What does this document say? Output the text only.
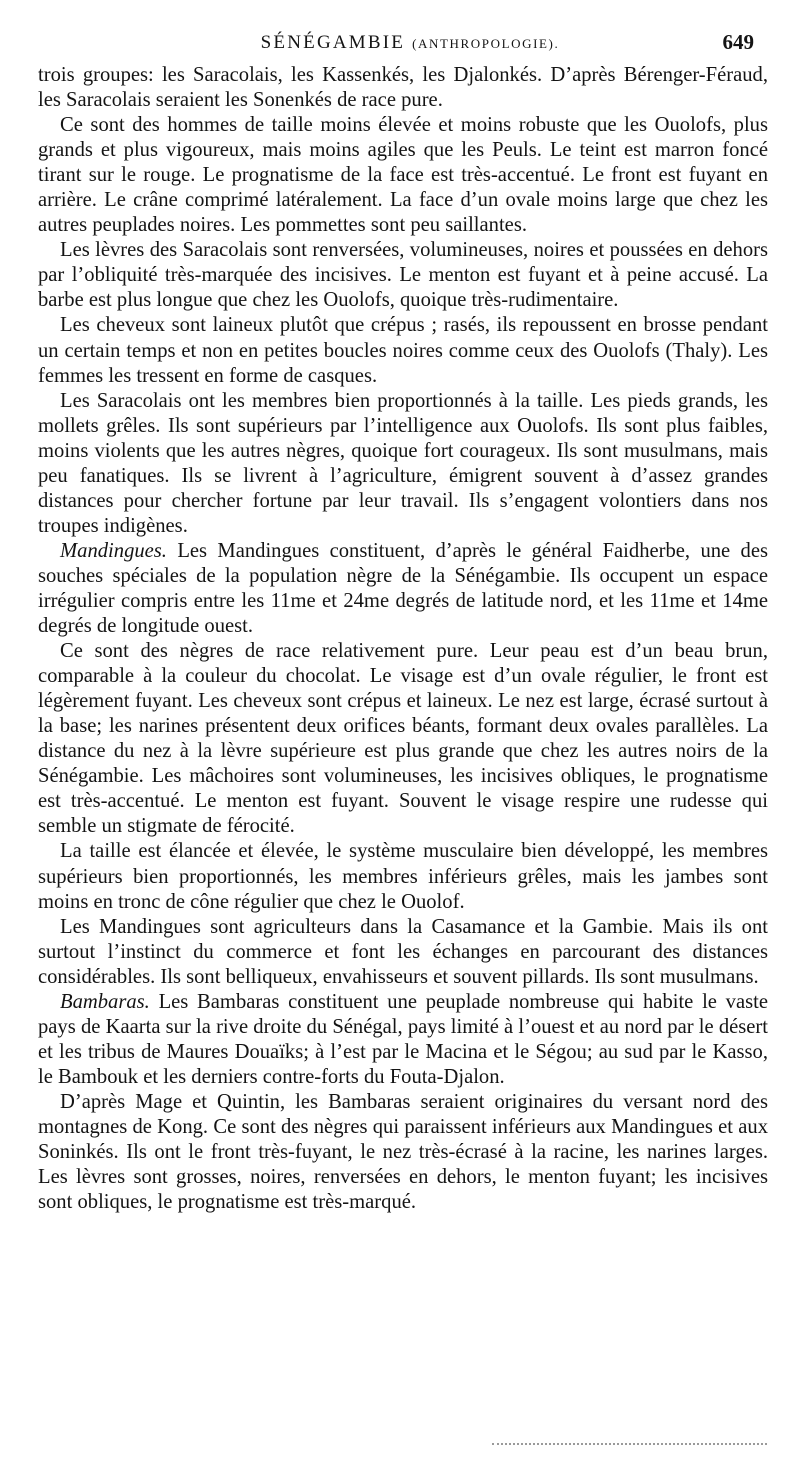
SÉNÉGAMBIE (ANTHROPOLOGIE).	649

trois groupes: les Saracolais, les Kassenkés, les Djalonkés. D’après Bérenger-Féraud, les Saracolais seraient les Sonenkés de race pure.

Ce sont des hommes de taille moins élevée et moins robuste que les Ouolofs, plus grands et plus vigoureux, mais moins agiles que les Peuls. Le teint est marron foncé tirant sur le rouge. Le prognatisme de la face est très-accentué. Le front est fuyant en arrière. Le crâne comprimé latéralement. La face d’un ovale moins large que chez les autres peuplades noires. Les pommettes sont peu saillantes.

Les lèvres des Saracolais sont renversées, volumineuses, noires et poussées en dehors par l’obliquité très-marquée des incisives. Le menton est fuyant et à peine accusé. La barbe est plus longue que chez les Ouolofs, quoique très-rudimentaire.

Les cheveux sont laineux plutôt que crépus ; rasés, ils repoussent en brosse pendant un certain temps et non en petites boucles noires comme ceux des Ouolofs (Thaly). Les femmes les tressent en forme de casques.

Les Saracolais ont les membres bien proportionnés à la taille. Les pieds grands, les mollets grêles. Ils sont supérieurs par l’intelligence aux Ouolofs. Ils sont plus faibles, moins violents que les autres nègres, quoique fort courageux. Ils sont musulmans, mais peu fanatiques. Ils se livrent à l’agriculture, émigrent souvent à d’assez grandes distances pour chercher fortune par leur travail. Ils s’engagent volontiers dans nos troupes indigènes.

Mandingues. Les Mandingues constituent, d’après le général Faidherbe, une des souches spéciales de la population nègre de la Sénégambie. Ils occupent un espace irrégulier compris entre les 11me et 24me degrés de latitude nord, et les 11me et 14me degrés de longitude ouest.

Ce sont des nègres de race relativement pure. Leur peau est d’un beau brun, comparable à la couleur du chocolat. Le visage est d’un ovale régulier, le front est légèrement fuyant. Les cheveux sont crépus et laineux. Le nez est large, écrasé surtout à la base; les narines présentent deux orifices béants, formant deux ovales parallèles. La distance du nez à la lèvre supérieure est plus grande que chez les autres noirs de la Sénégambie. Les mâchoires sont volumineuses, les incisives obliques, le prognatisme est très-accentué. Le menton est fuyant. Souvent le visage respire une rudesse qui semble un stigmate de férocité.

La taille est élancée et élevée, le système musculaire bien développé, les membres supérieurs bien proportionnés, les membres inférieurs grêles, mais les jambes sont moins en tronc de cône régulier que chez le Ouolof.

Les Mandingues sont agriculteurs dans la Casamance et la Gambie. Mais ils ont surtout l’instinct du commerce et font les échanges en parcourant des distances considérables. Ils sont belliqueux, envahisseurs et souvent pillards. Ils sont musulmans.

Bambaras. Les Bambaras constituent une peuplade nombreuse qui habite le vaste pays de Kaarta sur la rive droite du Sénégal, pays limité à l’ouest et au nord par le désert et les tribus de Maures Douaïks; à l’est par le Macina et le Ségou; au sud par le Kasso, le Bambouk et les derniers contre-forts du Fouta-Djalon.

D’après Mage et Quintin, les Bambaras seraient originaires du versant nord des montagnes de Kong. Ce sont des nègres qui paraissent inférieurs aux Mandingues et aux Soninkés. Ils ont le front très-fuyant, le nez très-écrasé à la racine, les narines larges. Les lèvres sont grosses, noires, renversées en dehors, le menton fuyant; les incisives sont obliques, le prognatisme est très-marqué.
